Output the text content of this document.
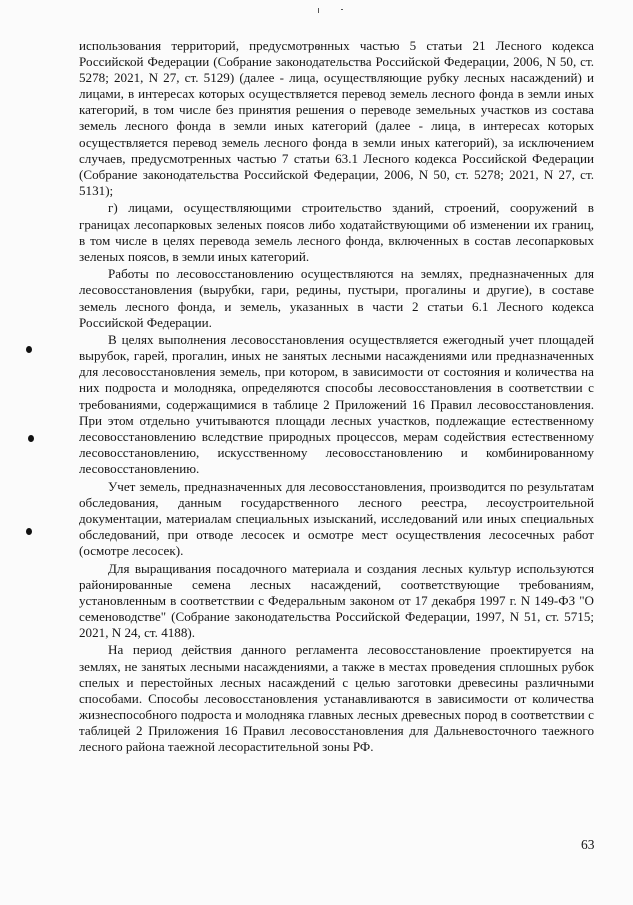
использования территорий, предусмотренных частью 5 статьи 21 Лесного кодекса Российской Федерации (Собрание законодательства Российской Федерации, 2006, N 50, ст. 5278; 2021, N 27, ст. 5129) (далее - лица, осуществляющие рубку лесных насаждений) и лицами, в интересах которых осуществляется перевод земель лесного фонда в земли иных категорий, в том числе без принятия решения о переводе земельных участков из состава земель лесного фонда в земли иных категорий (далее - лица, в интересах которых осуществляется перевод земель лесного фонда в земли иных категорий), за исключением случаев, предусмотренных частью 7 статьи 63.1 Лесного кодекса Российской Федерации (Собрание законодательства Российской Федерации, 2006, N 50, ст. 5278; 2021, N 27, ст. 5131);

г) лицами, осуществляющими строительство зданий, строений, сооружений в границах лесопарковых зеленых поясов либо ходатайствующими об изменении их границ, в том числе в целях перевода земель лесного фонда, включенных в состав лесопарковых зеленых поясов, в земли иных категорий.

Работы по лесовосстановлению осуществляются на землях, предназначенных для лесовосстановления (вырубки, гари, редины, пустыри, прогалины и другие), в составе земель лесного фонда, и земель, указанных в части 2 статьи 6.1 Лесного кодекса Российской Федерации.

В целях выполнения лесовосстановления осуществляется ежегодный учет площадей вырубок, гарей, прогалин, иных не занятых лесными насаждениями или предназначенных для лесовосстановления земель, при котором, в зависимости от состояния и количества на них подроста и молодняка, определяются способы лесовосстановления в соответствии с требованиями, содержащимися в таблице 2 Приложений 16 Правил лесовосстановления. При этом отдельно учитываются площади лесных участков, подлежащие естественному лесовосстановлению вследствие природных процессов, мерам содействия естественному лесовосстановлению, искусственному лесовосстановлению и комбинированному лесовосстановлению.

Учет земель, предназначенных для лесовосстановления, производится по результатам обследования, данным государственного лесного реестра, лесоустроительной документации, материалам специальных изысканий, исследований или иных специальных обследований, при отводе лесосек и осмотре мест осуществления лесосечных работ (осмотре лесосек).

Для выращивания посадочного материала и создания лесных культур используются районированные семена лесных насаждений, соответствующие требованиям, установленным в соответствии с Федеральным законом от 17 декабря 1997 г. N 149-ФЗ "О семеноводстве" (Собрание законодательства Российской Федерации, 1997, N 51, ст. 5715; 2021, N 24, ст. 4188).

На период действия данного регламента лесовосстановление проектируется на землях, не занятых лесными насаждениями, а также в местах проведения сплошных рубок спелых и перестойных лесных насаждений с целью заготовки древесины различными способами. Способы лесовосстановления устанавливаются в зависимости от количества жизнеспособного подроста и молодняка главных лесных древесных пород в соответствии с таблицей 2 Приложения 16 Правил лесовосстановления для Дальневосточного таежного лесного района таежной лесорастительной зоны РФ.

63
